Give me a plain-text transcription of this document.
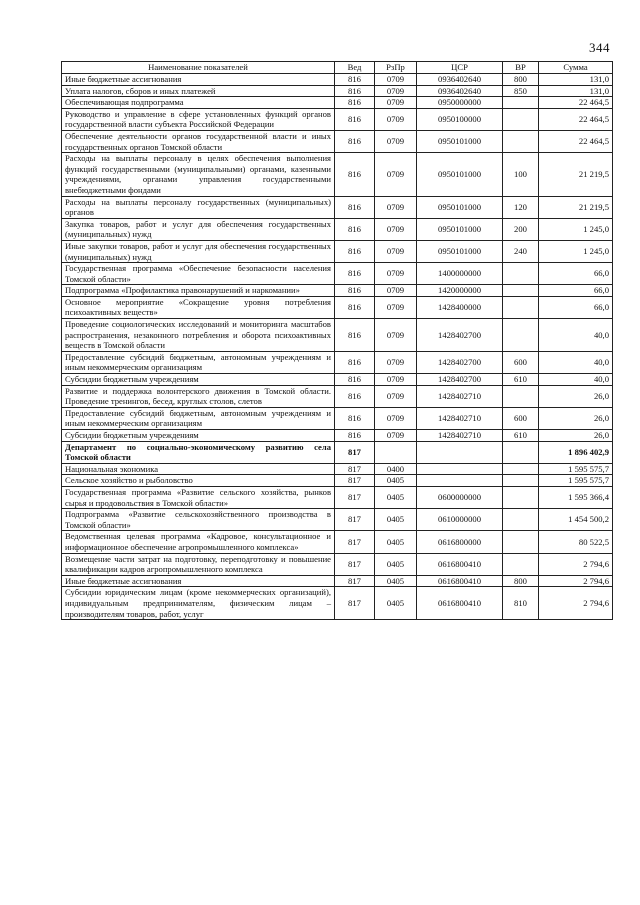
344
Наименование показателей	Вед	РзПр	ЦСР	ВР	Сумма
Иные бюджетные ассигнования	816	0709	0936402640	800	131,0
Уплата налогов, сборов и иных платежей	816	0709	0936402640	850	131,0
Обеспечивающая подпрограмма	816	0709	0950000000		22 464,5
Руководство и управление в сфере установленных функций органов государственной власти субъекта Российской Федерации	816	0709	0950100000		22 464,5
Обеспечение деятельности органов государственной власти и иных государственных органов Томской области	816	0709	0950101000		22 464,5
Расходы на выплаты персоналу в целях обеспечения выполнения функций государственными (муниципальными) органами, казенными учреждениями, органами управления государственными внебюджетными фондами	816	0709	0950101000	100	21 219,5
Расходы на выплаты персоналу государственных (муниципальных) органов	816	0709	0950101000	120	21 219,5
Закупка товаров, работ и услуг для обеспечения государственных (муниципальных) нужд	816	0709	0950101000	200	1 245,0
Иные закупки товаров, работ и услуг для обеспечения государственных (муниципальных) нужд	816	0709	0950101000	240	1 245,0
Государственная программа «Обеспечение безопасности населения Томской области»	816	0709	1400000000		66,0
Подпрограмма «Профилактика правонарушений и наркомании»	816	0709	1420000000		66,0
Основное мероприятие «Сокращение уровня потребления психоактивных веществ»	816	0709	1428400000		66,0
Проведение социологических исследований и мониторинга масштабов распространения, незаконного потребления и оборота психоактивных веществ в Томской области	816	0709	1428402700		40,0
Предоставление субсидий бюджетным, автономным учреждениям и иным некоммерческим организациям	816	0709	1428402700	600	40,0
Субсидии бюджетным учреждениям	816	0709	1428402700	610	40,0
Развитие и поддержка волонтерского движения в Томской области. Проведение тренингов, бесед, круглых столов, слетов	816	0709	1428402710		26,0
Предоставление субсидий бюджетным, автономным учреждениям и иным некоммерческим организациям	816	0709	1428402710	600	26,0
Субсидии бюджетным учреждениям	816	0709	1428402710	610	26,0
Департамент по социально-экономическому развитию села Томской области	817				1 896 402,9
Национальная экономика	817	0400			1 595 575,7
Сельское хозяйство и рыболовство	817	0405			1 595 575,7
Государственная программа «Развитие сельского хозяйства, рынков сырья и продовольствия в Томской области»	817	0405	0600000000		1 595 366,4
Подпрограмма «Развитие сельскохозяйственного производства в Томской области»	817	0405	0610000000		1 454 500,2
Ведомственная целевая программа «Кадровое, консультационное и информационное обеспечение агропромышленного комплекса»	817	0405	0616800000		80 522,5
Возмещение части затрат на подготовку, переподготовку и повышение квалификации кадров агропромышленного комплекса	817	0405	0616800410		2 794,6
Иные бюджетные ассигнования	817	0405	0616800410	800	2 794,6
Субсидии юридическим лицам (кроме некоммерческих организаций), индивидуальным предпринимателям, физическим лицам – производителям товаров, работ, услуг	817	0405	0616800410	810	2 794,6
